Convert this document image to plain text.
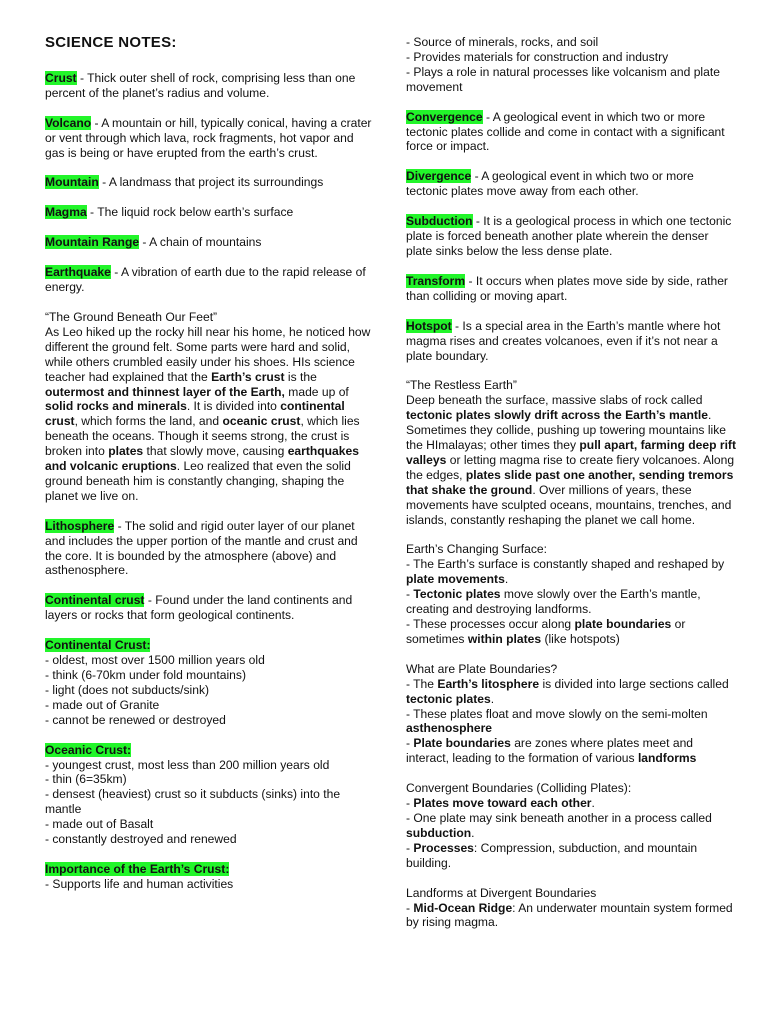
SCIENCE NOTES:

Crust - Thick outer shell of rock, comprising less than one percent of the planet’s radius and volume.

Volcano - A mountain or hill, typically conical, having a crater or vent through which lava, rock fragments, hot vapor and gas is being or have erupted from the earth’s crust.

Mountain - A landmass that project its surroundings

Magma - The liquid rock below earth’s surface

Mountain Range - A chain of mountains

Earthquake - A vibration of earth due to the rapid release of energy.

“The Ground Beneath Our Feet”
As Leo hiked up the rocky hill near his home, he noticed how different the ground felt. Some parts were hard and solid, while others crumbled easily under his shoes. HIs science teacher had explained that the Earth’s crust is the outermost and thinnest layer of the Earth, made up of solid rocks and minerals. It is divided into continental crust, which forms the land, and oceanic crust, which lies beneath the oceans. Though it seems strong, the crust is broken into plates that slowly move, causing earthquakes and volcanic eruptions. Leo realized that even the solid ground beneath him is constantly changing, shaping the planet we live on.

Lithosphere - The solid and rigid outer layer of our planet and includes the upper portion of the mantle and crust and the core. It is bounded by the atmosphere (above) and asthenosphere.

Continental crust - Found under the land continents and layers or rocks that form geological continents.

Continental Crust:
- oldest, most over 1500 million years old
- think (6-70km under fold mountains)
- light (does not subducts/sink)
- made out of Granite
- cannot be renewed or destroyed

Oceanic Crust:
- youngest crust, most less than 200 million years old
- thin (6=35km)
- densest (heaviest) crust so it subducts (sinks) into the mantle
- made out of Basalt
- constantly destroyed and renewed

Importance of the Earth’s Crust:
- Supports life and human activities

- Source of minerals, rocks, and soil
- Provides materials for construction and industry
- Plays a role in natural processes like volcanism and plate movement

Convergence - A geological event in which two or more tectonic plates collide and come in contact with a significant force or impact.

Divergence - A geological event in which two or more tectonic plates move away from each other.

Subduction - It is a geological process in which one tectonic plate is forced beneath another plate wherein the denser plate sinks below the less dense plate.

Transform - It occurs when plates move side by side, rather than colliding or moving apart.

Hotspot - Is a special area in the Earth’s mantle where hot magma rises and creates volcanoes, even if it’s not near a plate boundary.

“The Restless Earth”
Deep beneath the surface, massive slabs of rock called tectonic plates slowly drift across the Earth’s mantle. Sometimes they collide, pushing up towering mountains like the HImalayas; other times they pull apart, farming deep rift valleys or letting magma rise to create fiery volcanoes. Along the edges, plates slide past one another, sending tremors that shake the ground. Over millions of years, these movements have sculpted oceans, mountains, trenches, and islands, constantly reshaping the planet we call home.

Earth’s Changing Surface:
- The Earth’s surface is constantly shaped and reshaped by plate movements.
- Tectonic plates move slowly over the Earth’s mantle, creating and destroying landforms.
- These processes occur along plate boundaries or sometimes within plates (like hotspots)

What are Plate Boundaries?
- The Earth’s litosphere is divided into large sections called tectonic plates.
- These plates float and move slowly on the semi-molten asthenosphere
- Plate boundaries are zones where plates meet and interact, leading to the formation of various landforms

Convergent Boundaries (Colliding Plates):
- Plates move toward each other.
- One plate may sink beneath another in a process called subduction.
- Processes: Compression, subduction, and mountain building.

Landforms at Divergent Boundaries
- Mid-Ocean Ridge: An underwater mountain system formed by rising magma.
